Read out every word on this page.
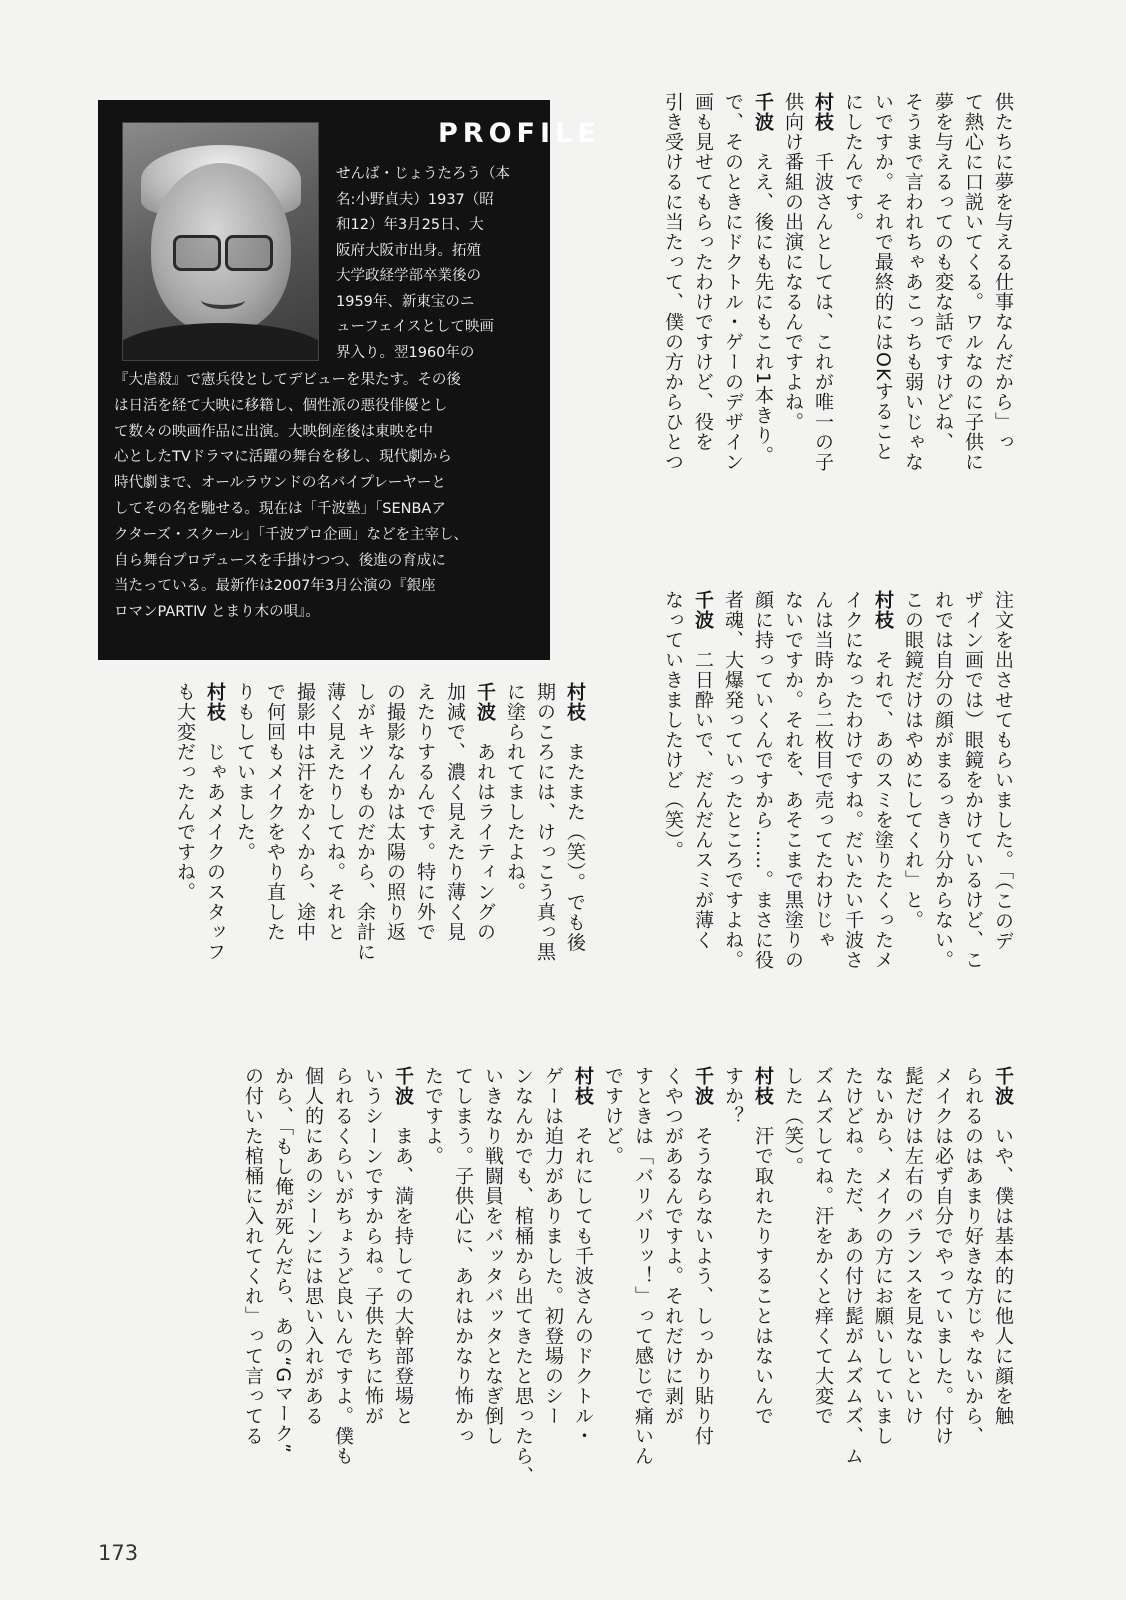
PROFILE

せんば・じょうたろう（本
名:小野貞夫）1937（昭
和12）年3月25日、大
阪府大阪市出身。拓殖
大学政経学部卒業後の
1959年、新東宝のニ
ューフェイスとして映画
界入り。翌1960年の

『大虐殺』で憲兵役としてデビューを果たす。その後
は日活を経て大映に移籍し、個性派の悪役俳優とし
て数々の映画作品に出演。大映倒産後は東映を中
心としたTVドラマに活躍の舞台を移し、現代劇から
時代劇まで、オールラウンドの名バイプレーヤーと
してその名を馳せる。現在は「千波塾」「SENBAア
クターズ・スクール」「千波プロ企画」などを主宰し、
自ら舞台プロデュースを手掛けつつ、後進の育成に
当たっている。最新作は2007年3月公演の『銀座
ロマンPARTⅣ とまり木の唄』。

供たちに夢を与える仕事なんだから」っ
て熱心に口説いてくる。ワルなのに子供に
夢を与えるってのも変な話ですけどね、
そうまで言われちゃあこっちも弱いじゃな
いですか。それで最終的にはOKすること
にしたんです。
村枝　千波さんとしては、これが唯一の子
供向け番組の出演になるんですよね。
千波　ええ、後にも先にもこれ1本きり。
で、そのときにドクトル・ゲーのデザイン
画も見せてもらったわけですけど、役を
引き受けるに当たって、僕の方からひとつ
注文を出させてもらいました。「（このデ
ザイン画では）眼鏡をかけているけど、こ
れでは自分の顔がまるっきり分からない。
この眼鏡だけはやめにしてくれ」と。
村枝　それで、あのスミを塗りたくったメ
イクになったわけですね。だいたい千波さ
んは当時から二枚目で売ってたわけじゃ
ないですか。それを、あそこまで黒塗りの
顔に持っていくんですから……。まさに役
者魂、大爆発っていったところですよね。
千波　二日酔いで、だんだんスミが薄く
なっていきましたけど（笑）。
村枝　またまた（笑）。でも後
期のころには、けっこう真っ黒
に塗られてましたよね。
千波　あれはライティングの
加減で、濃く見えたり薄く見
えたりするんです。特に外で
の撮影なんかは太陽の照り返
しがキツイものだから、余計に
薄く見えたりしてね。それと
撮影中は汗をかくから、途中
で何回もメイクをやり直した
りもしていました。
村枝　じゃあメイクのスタッフ
も大変だったんですね。
千波　いや、僕は基本的に他人に顔を触
られるのはあまり好きな方じゃないから、
メイクは必ず自分でやっていました。付け
髭だけは左右のバランスを見ないといけ
ないから、メイクの方にお願いしていまし
たけどね。ただ、あの付け髭がムズムズ、ム
ズムズしてね。汗をかくと痒くて大変で
した（笑）。
村枝　汗で取れたりすることはないんで
すか？
千波　そうならないよう、しっかり貼り付
くやつがあるんですよ。それだけに剥が
すときは「バリバリッ！」って感じで痛いん
ですけど。
村枝　それにしても千波さんのドクトル・
ゲーは迫力がありました。初登場のシー
ンなんかでも、棺桶から出てきたと思ったら、
いきなり戦闘員をバッタバッタとなぎ倒し
てしまう。子供心に、あれはかなり怖かっ
たですよ。
千波　まあ、満を持しての大幹部登場と
いうシーンですからね。子供たちに怖が
られるくらいがちょうど良いんですよ。僕も
個人的にあのシーンには思い入れがある
から、「もし俺が死んだら、あの“Gマーク”
の付いた棺桶に入れてくれ」って言ってる
173
